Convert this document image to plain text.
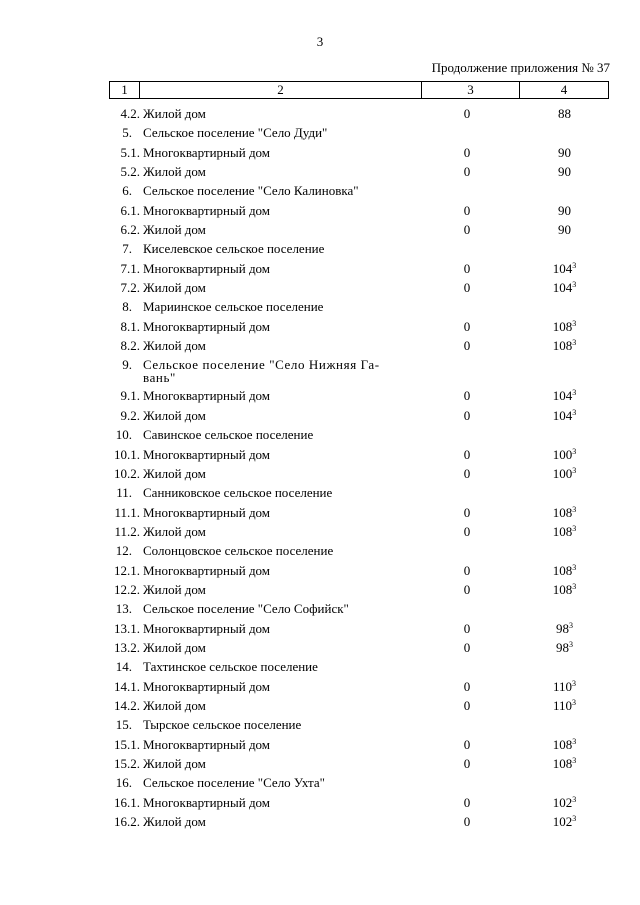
3
Продолжение приложения № 37
1	2	3	4
4.2. Жилой дом	0	88
5. Сельское поселение "Село Дуди"
5.1. Многоквартирный дом	0	90
5.2. Жилой дом	0	90
6. Сельское поселение "Село Калиновка"
6.1. Многоквартирный дом	0	90
6.2. Жилой дом	0	90
7. Киселевское сельское поселение
7.1. Многоквартирный дом	0	$104^3$
7.2. Жилой дом	0	$104^3$
8. Мариинское сельское поселение
8.1. Многоквартирный дом	0	$108^3$
8.2. Жилой дом	0	$108^3$
9. Сельское поселение "Село Нижняя Га-вань"
9.1. Многоквартирный дом	0	$104^3$
9.2. Жилой дом	0	$104^3$
10. Савинское сельское поселение
10.1. Многоквартирный дом	0	$100^3$
10.2. Жилой дом	0	$100^3$
11. Санниковское сельское поселение
11.1. Многоквартирный дом	0	$108^3$
11.2. Жилой дом	0	$108^3$
12. Солонцовское сельское поселение
12.1. Многоквартирный дом	0	$108^3$
12.2. Жилой дом	0	$108^3$
13. Сельское поселение "Село Софийск"
13.1. Многоквартирный дом	0	$98^3$
13.2. Жилой дом	0	$98^3$
14. Тахтинское сельское поселение
14.1. Многоквартирный дом	0	$110^3$
14.2. Жилой дом	0	$110^3$
15. Тырское сельское поселение
15.1. Многоквартирный дом	0	$108^3$
15.2. Жилой дом	0	$108^3$
16. Сельское поселение "Село Ухта"
16.1. Многоквартирный дом	0	$102^3$
16.2. Жилой дом	0	$102^3$
